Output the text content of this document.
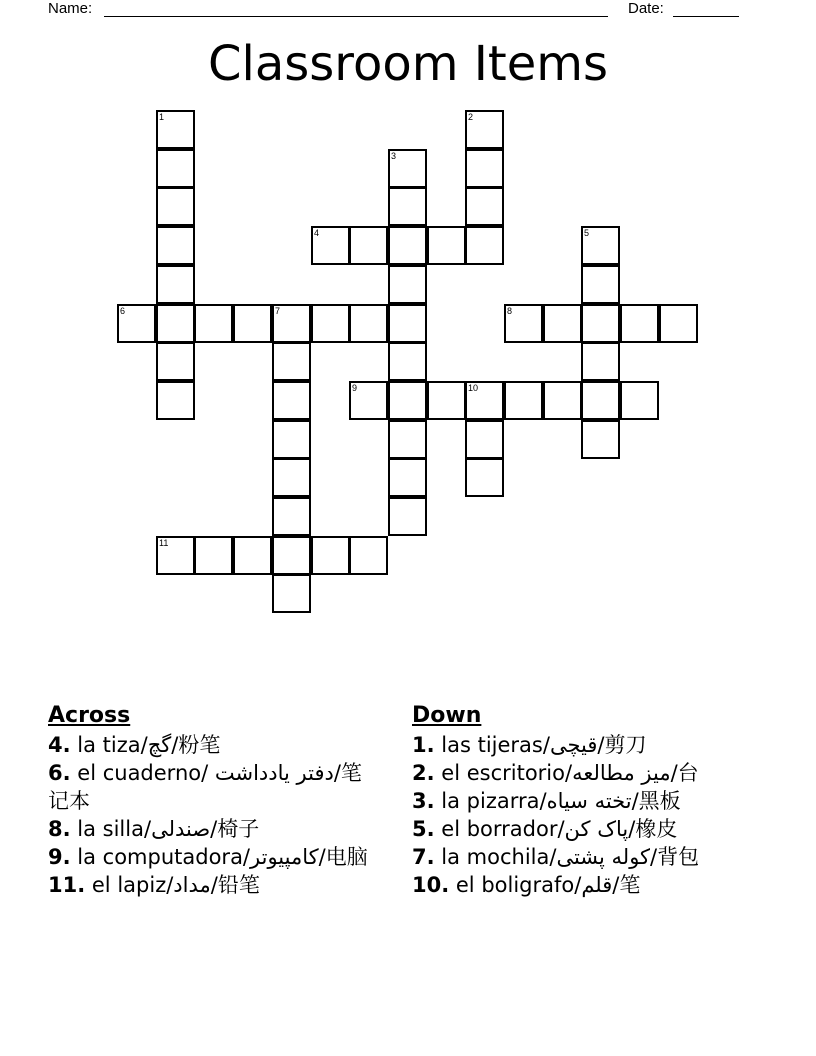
Name:	Date:
Classroom Items
1
6	7
2
3
4	5
8
9	10
11
Across

4. la tiza/گچ/粉笔

6. el cuaderno/ دفتر یادداشت/笔记本

8. la silla/صندلی/椅子

9. la computadora/کامپیوتر/电脑

11. el lapiz/مداد/铅笔

Down

1. las tijeras/قیچی/剪刀

2. el escritorio/میز مطالعه/台

3. la pizarra/تخته سیاه/黑板

5. el borrador/پاک کن/橡皮

7. la mochila/کوله پشتی/背包

10. el boligrafo/قلم/笔
